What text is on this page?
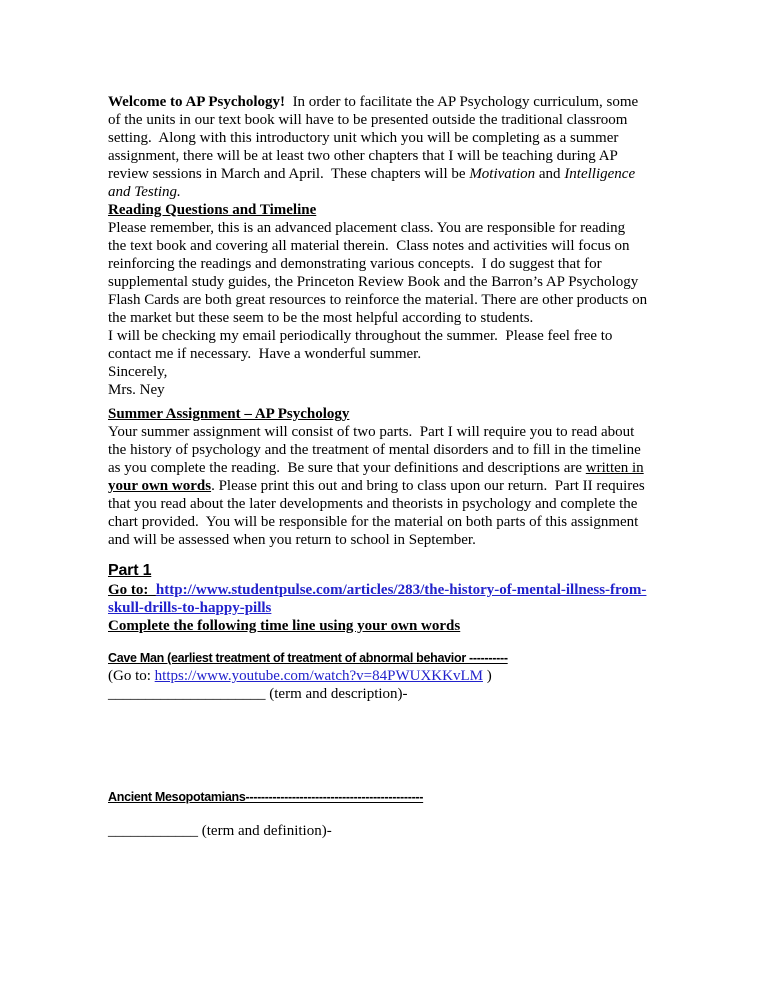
Welcome to AP Psychology!  In order to facilitate the AP Psychology curriculum, some
of the units in our text book will have to be presented outside the traditional classroom
setting.  Along with this introductory unit which you will be completing as a summer
assignment, there will be at least two other chapters that I will be teaching during AP
review sessions in March and April.  These chapters will be Motivation and Intelligence
and Testing.
Reading Questions and Timeline
Please remember, this is an advanced placement class. You are responsible for reading
the text book and covering all material therein.  Class notes and activities will focus on
reinforcing the readings and demonstrating various concepts.  I do suggest that for
supplemental study guides, the Princeton Review Book and the Barron’s AP Psychology
Flash Cards are both great resources to reinforce the material. There are other products on
the market but these seem to be the most helpful according to students.
I will be checking my email periodically throughout the summer.  Please feel free to
contact me if necessary.  Have a wonderful summer.
Sincerely,
Mrs. Ney
Summer Assignment – AP Psychology
Your summer assignment will consist of two parts.  Part I will require you to read about
the history of psychology and the treatment of mental disorders and to fill in the timeline
as you complete the reading.  Be sure that your definitions and descriptions are written in
your own words. Please print this out and bring to class upon our return.  Part II requires
that you read about the later developments and theorists in psychology and complete the
chart provided.  You will be responsible for the material on both parts of this assignment
and will be assessed when you return to school in September.
Part 1
Go to:  http://www.studentpulse.com/articles/283/the-history-of-mental-illness-from-
skull-drills-to-happy-pills
Complete the following time line using your own words
Cave Man (earliest treatment of treatment of abnormal behavior ----------
(Go to: https://www.youtube.com/watch?v=84PWUXKKvLM )
_____________________ (term and description)-
Ancient Mesopotamians----------------------------------------------
____________ (term and definition)-
